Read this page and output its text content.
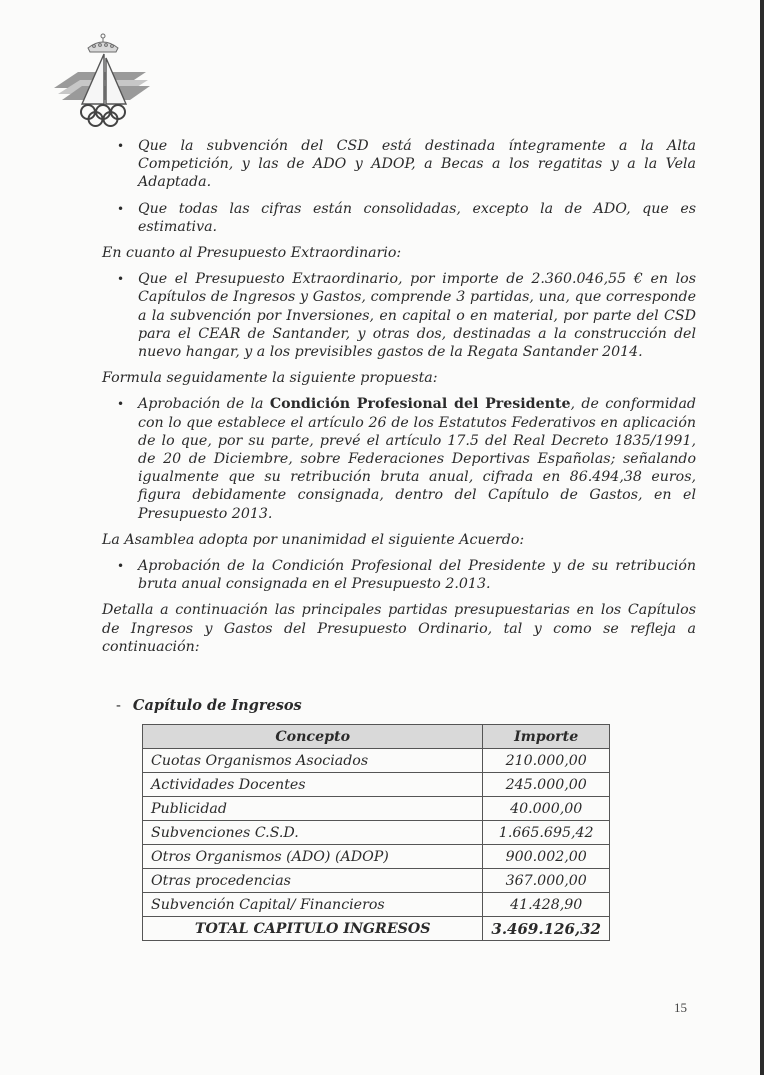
• Que la subvención del CSD está destinada íntegramente a la Alta Competición, y las de ADO y ADOP, a Becas a los regatitas y a la Vela Adaptada.
• Que todas las cifras están consolidadas, excepto la de ADO, que es estimativa.

En cuanto al Presupuesto Extraordinario:

• Que el Presupuesto Extraordinario, por importe de 2.360.046,55 € en los Capítulos de Ingresos y Gastos, comprende 3 partidas, una, que corresponde a la subvención por Inversiones, en capital o en material, por parte del CSD para el CEAR de Santander, y otras dos, destinadas a la construcción del nuevo hangar, y a los previsibles gastos de la Regata Santander 2014.

Formula seguidamente la siguiente propuesta:

• Aprobación de la Condición Profesional del Presidente, de conformidad con lo que establece el artículo 26 de los Estatutos Federativos en aplicación de lo que, por su parte, prevé el artículo 17.5 del Real Decreto 1835/1991, de 20 de Diciembre, sobre Federaciones Deportivas Españolas; señalando igualmente que su retribución bruta anual, cifrada en 86.494,38 euros, figura debidamente consignada, dentro del Capítulo de Gastos, en el Presupuesto 2013.

La Asamblea adopta por unanimidad el siguiente Acuerdo:

• Aprobación de la Condición Profesional del Presidente y de su retribución bruta anual consignada en el Presupuesto 2.013.

Detalla a continuación las principales partidas presupuestarias en los Capítulos de Ingresos y Gastos del Presupuesto Ordinario, tal y como se refleja a continuación:

- Capítulo de Ingresos
Concepto	Importe
Cuotas Organismos Asociados	210.000,00
Actividades Docentes	245.000,00
Publicidad	40.000,00
Subvenciones C.S.D.	1.665.695,42
Otros Organismos (ADO) (ADOP)	900.002,00
Otras procedencias	367.000,00
Subvención Capital/ Financieros	41.428,90
TOTAL CAPITULO INGRESOS	3.469.126,32
15
